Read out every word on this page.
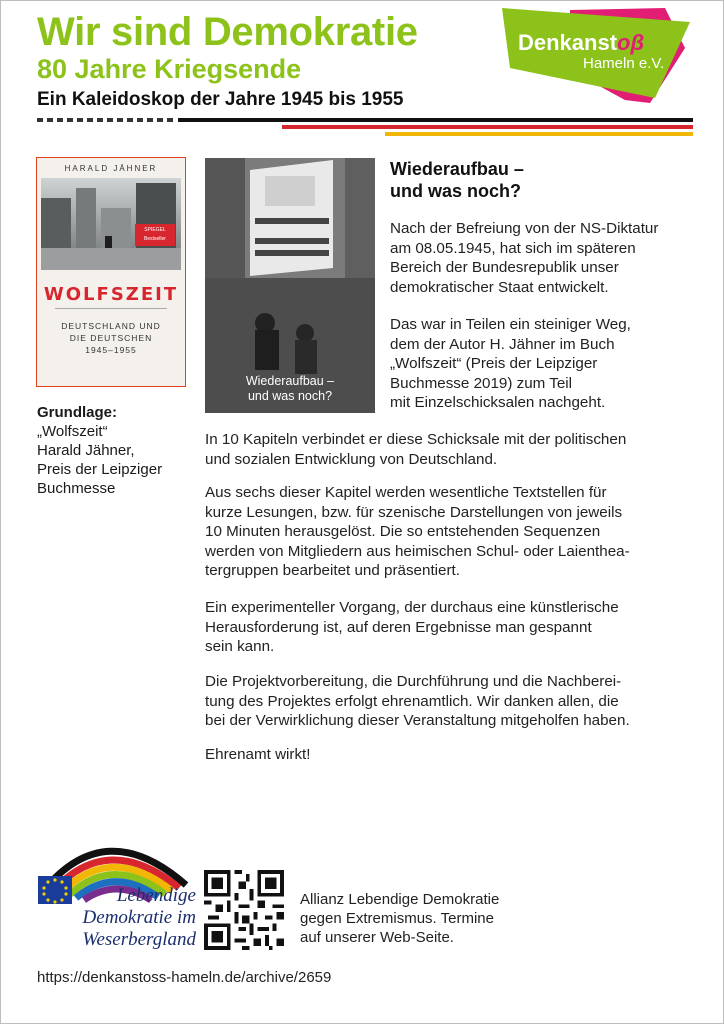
Wir sind Demokratie
80 Jahre Kriegsende
Ein Kaleidoskop der Jahre 1945 bis 1955
Denkanstoβ
Hameln e.V.
HARALD JÄHNER
SPIEGEL Bestseller
WOLFSZEIT
DEUTSCHLAND UND
DIE DEUTSCHEN
1945–1955
Grundlage:
„Wolfszeit“
Harald Jähner,
Preis der Leipziger
Buchmesse
Wiederaufbau –
und was noch?
Wiederaufbau –
und was noch?
Nach der Befreiung von der NS-Diktatur
am 08.05.1945, hat sich im späteren
Bereich der Bundesrepublik unser
demokratischer Staat entwickelt.
Das war in Teilen ein steiniger Weg,
dem der Autor H. Jähner im Buch
„Wolfszeit“ (Preis der Leipziger
Buchmesse 2019) zum Teil
mit Einzelschicksalen nachgeht.
In 10 Kapiteln verbindet er diese Schicksale mit der politischen
und sozialen Entwicklung von Deutschland.
Aus sechs dieser Kapitel werden wesentliche Textstellen für
kurze Lesungen, bzw. für szenische Darstellungen von jeweils
10 Minuten herausgelöst. Die so entstehenden Sequenzen
werden von Mitgliedern aus heimischen Schul- oder Laienthea-
tergruppen bearbeitet und präsentiert.
Ein experimenteller Vorgang, der durchaus eine künstlerische
Herausforderung ist, auf deren Ergebnisse man gespannt
sein kann.
Die Projektvorbereitung, die Durchführung und die Nachberei-
tung des Projektes erfolgt ehrenamtlich. Wir danken allen, die
bei der Verwirklichung dieser Veranstaltung mitgeholfen haben.
Ehrenamt wirkt!
Lebendige
Demokratie im
Weserbergland
Allianz Lebendige Demokratie
gegen Extremismus. Termine
auf unserer Web-Seite.
https://denkanstoss-hameln.de/archive/2659
